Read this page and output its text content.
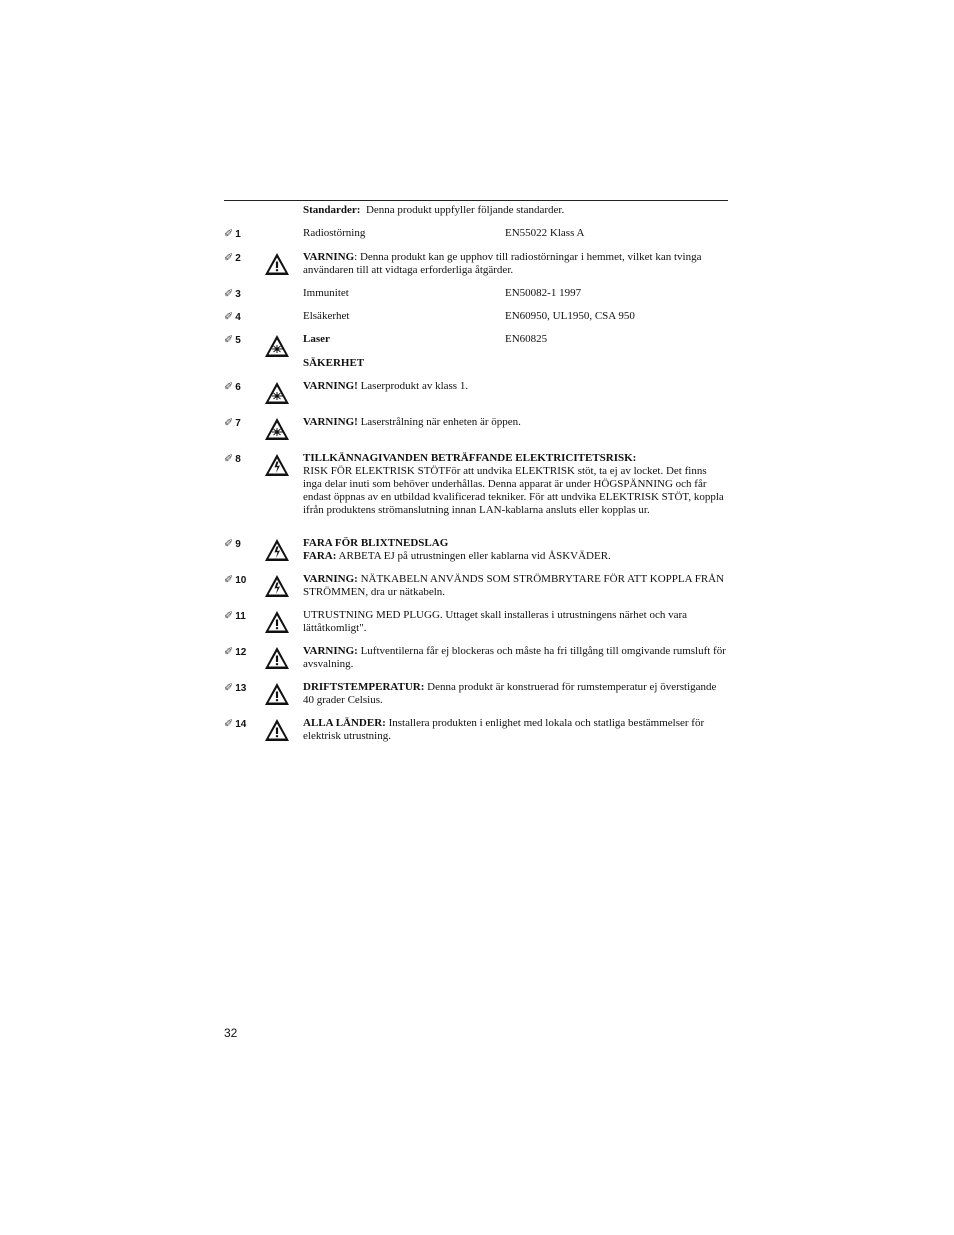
Standarder: Denna produkt uppfyller följande standarder.
✐ 1	Radiostörning	EN55022 Klass A
✐ 2	VARNING: Denna produkt kan ge upphov till radiostörningar i hemmet, vilket kan tvinga användaren till att vidtaga erforderliga åtgärder.
✐ 3	Immunitet	EN50082-1 1997
✐ 4	Elsäkerhet	EN60950, UL1950, CSA 950
✐ 5	Laser	EN60825
SÄKERHET
✐ 6	VARNING! Laserprodukt av klass 1.
✐ 7	VARNING! Laserstrålning när enheten är öppen.
✐ 8	TILLKÄNNAGIVANDEN BETRÄFFANDE ELEKTRICITETSRISK:
RISK FÖR ELEKTRISK STÖTFör att undvika ELEKTRISK stöt, ta ej av locket. Det finns inga delar inuti som behöver underhållas. Denna apparat är under HÖGSPÄNNING och får endast öppnas av en utbildad kvalificerad tekniker. För att undvika ELEKTRISK STÖT, koppla ifrån produktens strömanslutning innan LAN-kablarna ansluts eller kopplas ur.
✐ 9	FARA FÖR BLIXTNEDSLAG
FARA: ARBETA EJ på utrustningen eller kablarna vid ÅSKVÄDER.
✐ 10	VARNING: NÄTKABELN ANVÄNDS SOM STRÖMBRYTARE FÖR ATT KOPPLA FRÅN STRÖMMEN, dra ur nätkabeln.
✐ 11	UTRUSTNING MED PLUGG. Uttaget skall installeras i utrustningens närhet och vara lättåtkomligt".
✐ 12	VARNING: Luftventilerna får ej blockeras och måste ha fri tillgång till omgivande rumsluft för avsvalning.
✐ 13	DRIFTSTEMPERATUR: Denna produkt är konstruerad för rumstemperatur ej överstigande 40 grader Celsius.
✐ 14	ALLA LÄNDER: Installera produkten i enlighet med lokala och statliga bestämmelser för elektrisk utrustning.
32
